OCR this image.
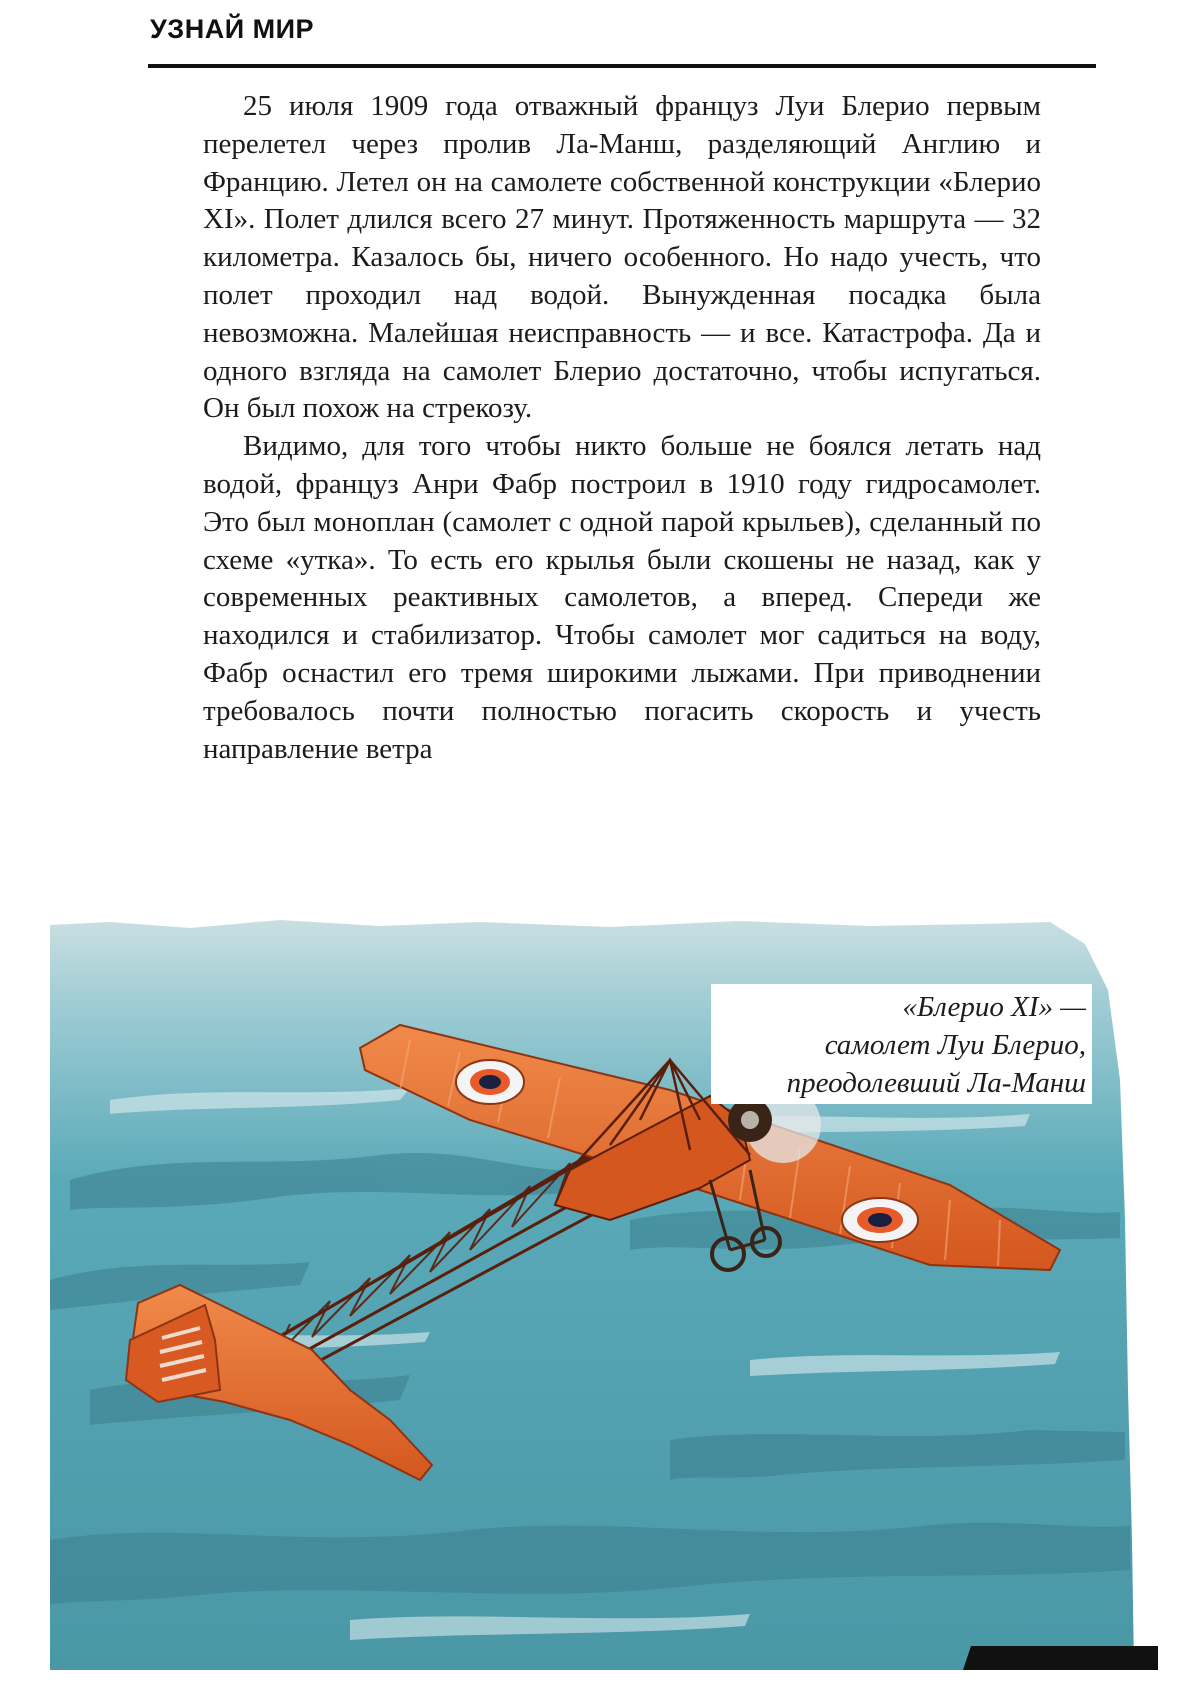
УЗНАЙ МИР

25 июля 1909 года отважный француз Луи Блерио первым перелетел через пролив Ла-Манш, разделяющий Англию и Францию. Летел он на самолете собственной конструкции «Блерио XI». Полет длился всего 27 минут. Протяженность маршрута — 32 километра. Казалось бы, ничего особенного. Но надо учесть, что полет проходил над водой. Вынужденная посадка была невозможна. Малейшая неисправность — и все. Катастрофа. Да и одного взгляда на самолет Блерио достаточно, чтобы испугаться. Он был похож на стрекозу.

Видимо, для того чтобы никто больше не боялся летать над водой, француз Анри Фабр построил в 1910 году гидросамолет. Это был моноплан (самолет с одной парой крыльев), сделанный по схеме «утка». То есть его крылья были скошены не назад, как у современных реактивных самолетов, а вперед. Спереди же находился и стабилизатор. Чтобы самолет мог садиться на воду, Фабр оснастил его тремя широкими лыжами. При приводнении требовалось почти полностью погасить скорость и учесть направление ветра

«Блерио XI» —
самолет Луи Блерио,
преодолевший Ла-Манш
